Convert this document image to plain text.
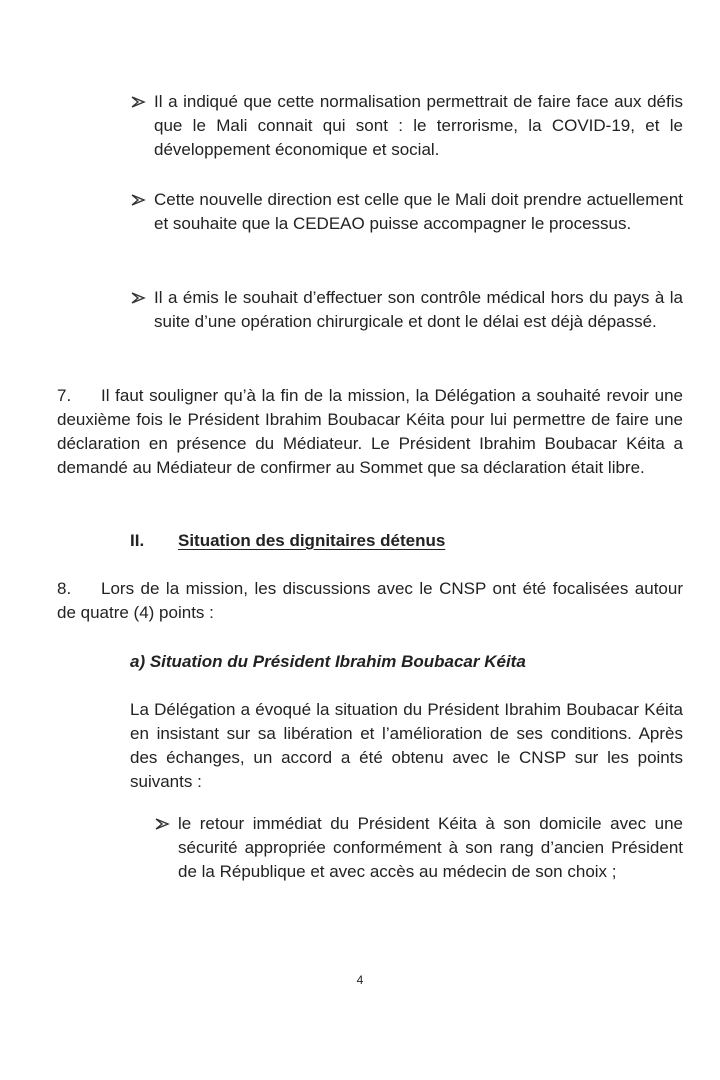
Il a indiqué que cette normalisation permettrait de faire face aux défis que le Mali connait qui sont : le terrorisme, la COVID-19, et le développement économique et social.
Cette nouvelle direction est celle que le Mali doit prendre actuellement et souhaite que la CEDEAO puisse accompagner le processus.
Il a émis le souhait d’effectuer son contrôle médical hors du pays à la suite d’une opération chirurgicale et dont le délai est déjà dépassé.
7. Il faut souligner qu’à la fin de la mission, la Délégation a souhaité revoir une deuxième fois le Président Ibrahim Boubacar Kéita pour lui permettre de faire une déclaration en présence du Médiateur. Le Président Ibrahim Boubacar Kéita a demandé au Médiateur de confirmer au Sommet que sa déclaration était libre.
II. Situation des dignitaires détenus
8. Lors de la mission, les discussions avec le CNSP ont été focalisées autour de quatre (4) points :
a) Situation du Président Ibrahim Boubacar Kéita
La Délégation a évoqué la situation du Président Ibrahim Boubacar Kéita en insistant sur sa libération et l’amélioration de ses conditions. Après des échanges, un accord a été obtenu avec le CNSP sur les points suivants :
le retour immédiat du Président Kéita à son domicile avec une sécurité appropriée conformément à son rang d’ancien Président de la République et avec accès au médecin de son choix ;
4
